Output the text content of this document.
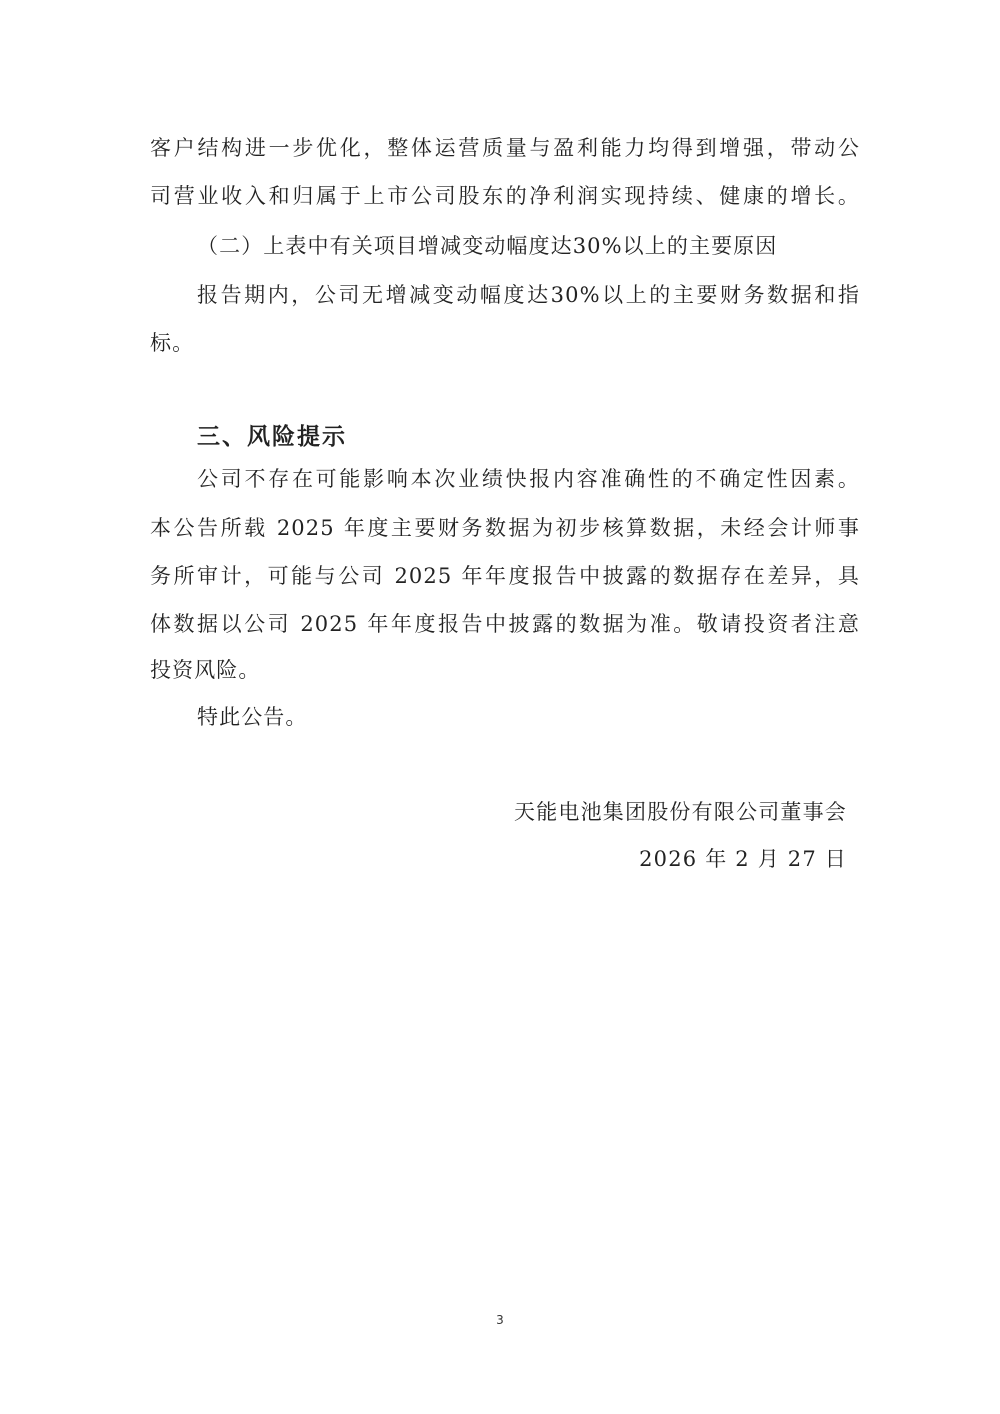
客户结构进一步优化，整体运营质量与盈利能力均得到增强，带动公
司营业收入和归属于上市公司股东的净利润实现持续、健康的增长。
（二）上表中有关项目增减变动幅度达30%以上的主要原因
报告期内，公司无增减变动幅度达30%以上的主要财务数据和指
标。
三、风险提示
公司不存在可能影响本次业绩快报内容准确性的不确定性因素。
本公告所载 2025 年度主要财务数据为初步核算数据，未经会计师事
务所审计，可能与公司 2025 年年度报告中披露的数据存在差异，具
体数据以公司 2025 年年度报告中披露的数据为准。敬请投资者注意
投资风险。
特此公告。
天能电池集团股份有限公司董事会
2026 年 2 月 27 日
3
